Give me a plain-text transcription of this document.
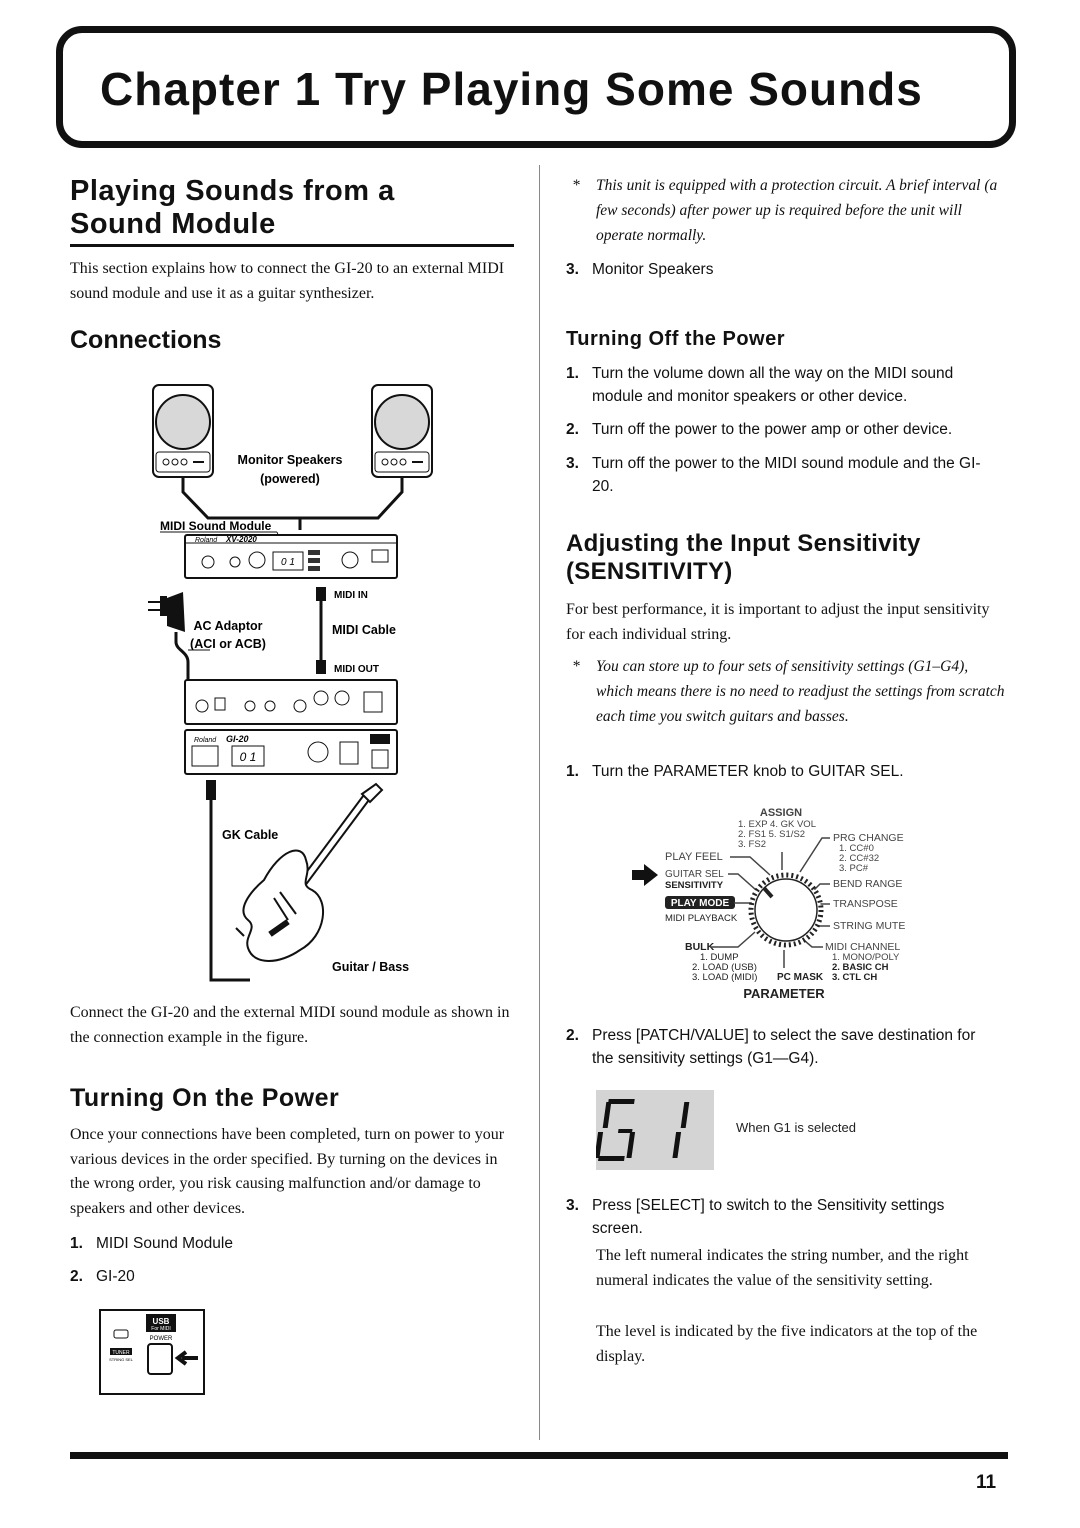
Chapter 1 Try Playing Some Sounds
Playing Sounds from a
Sound Module
This section explains how to connect the GI-20 to an external MIDI sound module and use it as a guitar synthesizer.
Connections
Monitor Speakers
(powered)
MIDI Sound Module
Roland XV-2020
0 1
MIDI IN
MIDI Cable
MIDI OUT
AC Adaptor
(ACI or ACB)
Roland GI-20
0 1
GK Cable
Guitar / Bass
Connect the GI-20 and the external MIDI sound module as shown in the connection example in the figure.
Turning On the Power
Once your connections have been completed, turn on power to your various devices in the order specified. By turning on the devices in the wrong order, you risk causing malfunction and/or damage to speakers and other devices.
1. MIDI Sound Module
2. GI-20
USB
For MIDI
POWER
TUNER
STRING SEL
* This unit is equipped with a protection circuit. A brief interval (a few seconds) after power up is required before the unit will operate normally.
3. Monitor Speakers
Turning Off the Power
1. Turn the volume down all the way on the MIDI sound module and monitor speakers or other device.
2. Turn off the power to the power amp or other device.
3. Turn off the power to the MIDI sound module and the GI-20.
Adjusting the Input Sensitivity
(SENSITIVITY)
For best performance, it is important to adjust the input sensitivity for each individual string.
* You can store up to four sets of sensitivity settings (G1–G4), which means there is no need to readjust the settings from scratch each time you switch guitars and basses.
1. Turn the PARAMETER knob to GUITAR SEL.
ASSIGN
1. EXP 4. GK VOL
2. FS1 5. S1/S2
3. FS2
PLAY FEEL
GUITAR SEL
SENSITIVITY
PLAY MODE
MIDI PLAYBACK
BULK
1. DUMP
2. LOAD (USB)
3. LOAD (MIDI) PC MASK
PRG CHANGE
1. CC#0
2. CC#32
3. PC#
BEND RANGE
TRANSPOSE
STRING MUTE
MIDI CHANNEL
1. MONO/POLY
2. BASIC CH
3. CTL CH
PARAMETER
2. Press [PATCH/VALUE] to select the save destination for the sensitivity settings (G1—G4).
When G1 is selected
3. Press [SELECT] to switch to the Sensitivity settings screen.
The left numeral indicates the string number, and the right numeral indicates the value of the sensitivity setting.
The level is indicated by the five indicators at the top of the display.
11
